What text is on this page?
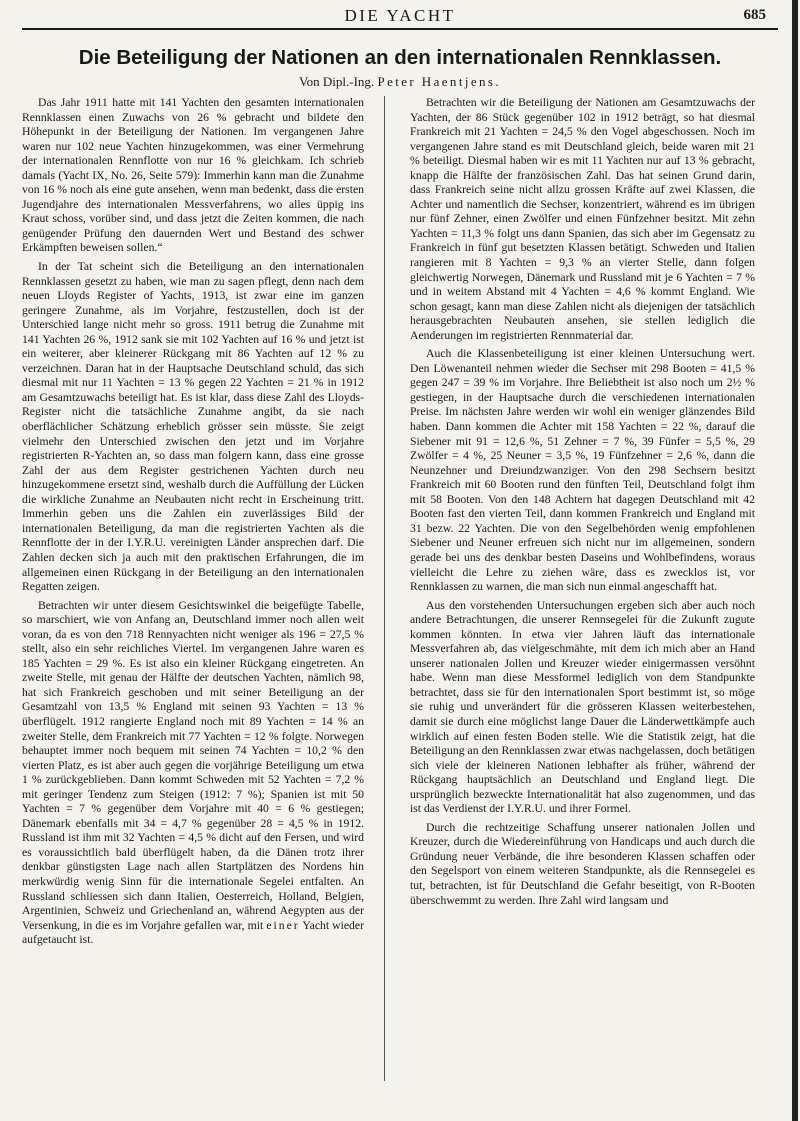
DIE YACHT	685
Die Beteiligung der Nationen an den internationalen Rennklassen.
Von Dipl.-Ing. Peter Haentjens.

Das Jahr 1911 hatte mit 141 Yachten den gesamten internationalen Rennklassen einen Zuwachs von 26 % gebracht und bildete den Höhepunkt in der Beteiligung der Nationen. Im vergangenen Jahre waren nur 102 neue Yachten hinzugekommen, was einer Vermehrung der internationalen Rennflotte von nur 16 % gleichkam. Ich schrieb damals (Yacht IX, No. 26, Seite 579): Immerhin kann man die Zunahme von 16 % noch als eine gute ansehen, wenn man bedenkt, dass die ersten Jugendjahre des internationalen Messverfahrens, wo alles üppig ins Kraut schoss, vorüber sind, und dass jetzt die Zeiten kommen, die nach genügender Prüfung den dauernden Wert und Bestand des schwer Erkämpften beweisen sollen.“

In der Tat scheint sich die Beteiligung an den internationalen Rennklassen gesetzt zu haben, wie man zu sagen pflegt, denn nach dem neuen Lloyds Register of Yachts, 1913, ist zwar eine im ganzen geringere Zunahme, als im Vorjahre, festzustellen, doch ist der Unterschied lange nicht mehr so gross. 1911 betrug die Zunahme mit 141 Yachten 26 %, 1912 sank sie mit 102 Yachten auf 16 % und jetzt ist ein weiterer, aber kleinerer Rückgang mit 86 Yachten auf 12 % zu verzeichnen. Daran hat in der Hauptsache Deutschland schuld, das sich diesmal mit nur 11 Yachten = 13 % gegen 22 Yachten = 21 % in 1912 am Gesamtzuwachs beteiligt hat. Es ist klar, dass diese Zahl des Lloyds-Register nicht die tatsächliche Zunahme angibt, da sie nach oberflächlicher Schätzung erheblich grösser sein müsste. Sie zeigt vielmehr den Unterschied zwischen den jetzt und im Vorjahre registrierten R-Yachten an, so dass man folgern kann, dass eine grosse Zahl der aus dem Register gestrichenen Yachten durch neu hinzugekommene ersetzt sind, weshalb durch die Auffüllung der Lücken die wirkliche Zunahme an Neubauten nicht recht in Erscheinung tritt. Immerhin geben uns die Zahlen ein zuverlässiges Bild der internationalen Beteiligung, da man die registrierten Yachten als die Rennflotte der in der I.Y.R.U. vereinigten Länder ansprechen darf. Die Zahlen decken sich ja auch mit den praktischen Erfahrungen, die im allgemeinen einen Rückgang in der Beteiligung an den internationalen Regatten zeigen.

Betrachten wir unter diesem Gesichtswinkel die beigefügte Tabelle, so marschiert, wie von Anfang an, Deutschland immer noch allen weit voran, da es von den 718 Rennyachten nicht weniger als 196 = 27,5 % stellt, also ein sehr reichliches Viertel. Im vergangenen Jahre waren es 185 Yachten = 29 %. Es ist also ein kleiner Rückgang eingetreten. An zweite Stelle, mit genau der Hälfte der deutschen Yachten, nämlich 98, hat sich Frankreich geschoben und mit seiner Beteiligung an der Gesamtzahl von 13,5 % England mit seinen 93 Yachten = 13 % überflügelt. 1912 rangierte England noch mit 89 Yachten = 14 % an zweiter Stelle, dem Frankreich mit 77 Yachten = 12 % folgte. Norwegen behauptet immer noch bequem mit seinen 74 Yachten = 10,2 % den vierten Platz, es ist aber auch gegen die vorjährige Beteiligung um etwa 1 % zurückgeblieben. Dann kommt Schweden mit 52 Yachten = 7,2 % mit geringer Tendenz zum Steigen (1912: 7 %); Spanien ist mit 50 Yachten = 7 % gegenüber dem Vorjahre mit 40 = 6 % gestiegen; Dänemark ebenfalls mit 34 = 4,7 % gegenüber 28 = 4,5 % in 1912. Russland ist ihm mit 32 Yachten = 4,5 % dicht auf den Fersen, und wird es voraussichtlich bald überflügelt haben, da die Dänen trotz ihrer denkbar günstigsten Lage nach allen Startplätzen des Nordens hin merkwürdig wenig Sinn für die internationale Segelei entfalten. An Russland schliessen sich dann Italien, Oesterreich, Holland, Belgien, Argentinien, Schweiz und Griechenland an, während Aegypten aus der Versenkung, in die es im Vorjahre gefallen war, mit einer Yacht wieder aufgetaucht ist.

Betrachten wir die Beteiligung der Nationen am Gesamtzuwachs der Yachten, der 86 Stück gegenüber 102 in 1912 beträgt, so hat diesmal Frankreich mit 21 Yachten = 24,5 % den Vogel abgeschossen. Noch im vergangenen Jahre stand es mit Deutschland gleich, beide waren mit 21 % beteiligt. Diesmal haben wir es mit 11 Yachten nur auf 13 % gebracht, knapp die Hälfte der französischen Zahl. Das hat seinen Grund darin, dass Frankreich seine nicht allzu grossen Kräfte auf zwei Klassen, die Achter und namentlich die Sechser, konzentriert, während es im übrigen nur fünf Zehner, einen Zwölfer und einen Fünfzehner besitzt. Mit zehn Yachten = 11,3 % folgt uns dann Spanien, das sich aber im Gegensatz zu Frankreich in fünf gut besetzten Klassen betätigt. Schweden und Italien rangieren mit 8 Yachten = 9,3 % an vierter Stelle, dann folgen gleichwertig Norwegen, Dänemark und Russland mit je 6 Yachten = 7 % und in weitem Abstand mit 4 Yachten = 4,6 % kommt England. Wie schon gesagt, kann man diese Zahlen nicht als diejenigen der tatsächlich herausgebrachten Neubauten ansehen, sie stellen lediglich die Aenderungen im registrierten Rennmaterial dar.

Auch die Klassenbeteiligung ist einer kleinen Untersuchung wert. Den Löwenanteil nehmen wieder die Sechser mit 298 Booten = 41,5 % gegen 247 = 39 % im Vorjahre. Ihre Beliebtheit ist also noch um 2½ % gestiegen, in der Hauptsache durch die verschiedenen internationalen Preise. Im nächsten Jahre werden wir wohl ein weniger glänzendes Bild haben. Dann kommen die Achter mit 158 Yachten = 22 %, darauf die Siebener mit 91 = 12,6 %, 51 Zehner = 7 %, 39 Fünfer = 5,5 %, 29 Zwölfer = 4 %, 25 Neuner = 3,5 %, 19 Fünfzehner = 2,6 %, dann die Neunzehner und Dreiundzwanziger. Von den 298 Sechsern besitzt Frankreich mit 60 Booten rund den fünften Teil, Deutschland folgt ihm mit 58 Booten. Von den 148 Achtern hat dagegen Deutschland mit 42 Booten fast den vierten Teil, dann kommen Frankreich und England mit 31 bezw. 22 Yachten. Die von den Segelbehörden wenig empfohlenen Siebener und Neuner erfreuen sich nicht nur im allgemeinen, sondern gerade bei uns des denkbar besten Daseins und Wohlbefindens, woraus vielleicht die Lehre zu ziehen wäre, dass es zwecklos ist, vor Rennklassen zu warnen, die man sich nun einmal angeschafft hat.

Aus den vorstehenden Untersuchungen ergeben sich aber auch noch andere Betrachtungen, die unserer Rennsegelei für die Zukunft zugute kommen könnten. In etwa vier Jahren läuft das internationale Messverfahren ab, das vielgeschmähte, mit dem ich mich aber an Hand unserer nationalen Jollen und Kreuzer wieder einigermassen versöhnt habe. Wenn man diese Messformel lediglich von dem Standpunkte betrachtet, dass sie für den internationalen Sport bestimmt ist, so möge sie ruhig und unverändert für die grösseren Klassen weiterbestehen, damit sie durch eine möglichst lange Dauer die Länderwettkämpfe auch wirklich auf einen festen Boden stelle. Wie die Statistik zeigt, hat die Beteiligung an den Rennklassen zwar etwas nachgelassen, doch betätigen sich viele der kleineren Nationen lebhafter als früher, während der Rückgang hauptsächlich an Deutschland und England liegt. Die ursprünglich bezweckte Internationalität hat also zugenommen, und das ist das Verdienst der I.Y.R.U. und ihrer Formel.

Durch die rechtzeitige Schaffung unserer nationalen Jollen und Kreuzer, durch die Wiedereinführung von Handicaps und auch durch die Gründung neuer Verbände, die ihre besonderen Klassen schaffen oder den Segelsport von einem weiteren Standpunkte, als die Rennsegelei es tut, betrachten, ist für Deutschland die Gefahr beseitigt, von R-Booten überschwemmt zu werden. Ihre Zahl wird langsam und
